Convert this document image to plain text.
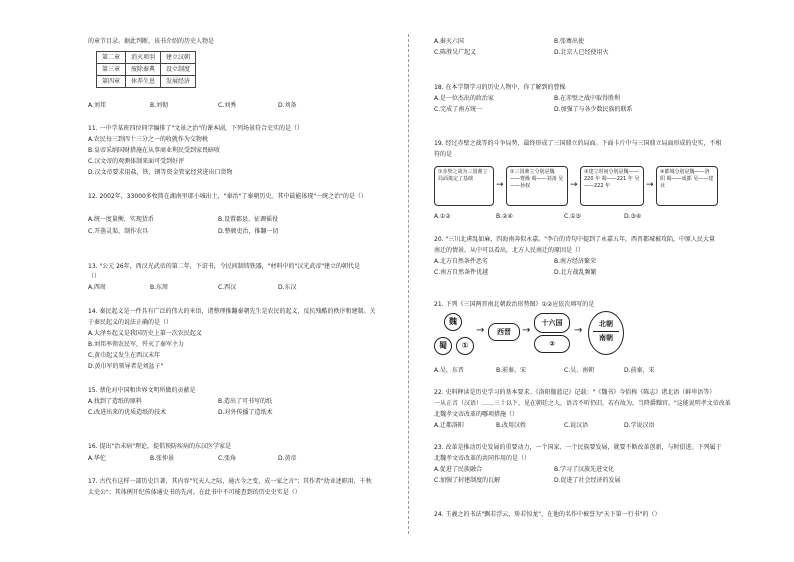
的章节目录。据此判断，该书介绍的历史人物是
第二章	消灭项羽	建立汉朝
第三章	废除秦典	设立制度
第四章	休养生息	发展经济
A.刘邦	B.刘彻	C.刘秀	D.刘备
11. 一中学某班四位同学编排了"文景之治"的课本剧，下列场景符合史实的是（）
A.农民每三到四十三分之一的收就作为交物税
B.皇帝采纳国财措施在从事商业利民受到家畏暗收
C.汉文帝的观测体制来面可受到好评
D.汉文帝要求用盐，铁、钢等资金管家经营进出口货物
12. 2002年，33000多枚简在湖南里耶小城出土，"秦治"了秦朝历史。其中最能体现"一统之治"的是（）
A.统一度量衡，实现货币	B.设置郡县、征调徭役
C.开凿灵渠，制作农具	D.整顿吏治，推翻一切
13. "公元 26年，西汉光武帝的第二年，下诏书，令民间制铸铁器，"材料中的"汉光武帝"建立的朝代是
（）
A.西周	B.东周	C.西汉	D.东汉
14. 秦民起义是一件具有广泛的伟大的米语，诸整理推翻秦朝先生是农民的起义，反抗残酷的秩序和建制。关
于秦民起义的说法正确的是（）
A.大泽乡起义是我国历史上第一次农民起义
B.刘邦率领农民军，歼灭了秦军主力
C.黄巾起义发生在西汉末年
D.黄巾军的领导者是刘盆子"
15. 蔡伦对中国和世界文明所做的贡献是
A.找到了造纸的原料	B.造出了可书写的纸
C.改进出来的优质造纸的技术	D.对外传播了造纸术
16. 提出"治未病"理论，提倡预防疾病的东汉医学家是
A.华佗	B.张仲景	C.张角	D.黄帝
17. 古代有这样一部历史巨著，其内容"究天人之际，通古今之变，成一家之言"；其作者"幼业述职用，千秋
太史公"；其体例开纪传体通史书的先河。在此书中不可能查到的历史史实是（）
A.秦灭六国	B.张骞出使
C.陈胜吴广起义	D.北京人已经使用火
18. 在本学期学习的历史人物中，你了解到的曹操
A.是一位杰出的政治家	B.在赤壁之战中取得胜利
C.完成了南方统一	D.加强了与各少数民族的联系
19. 经过赤壁之战等的斗争局势，最终形成了三国鼎立的局面。下面卡片中与三国鼎立局面形成的史实，不相
符的是
①赤壁之战为三国鼎立局面奠定了基础
→
②三国鼎立分别是魏——曹操 蜀——刘备 吴——孙权	→
③建立时间分别是魏——220 年 蜀——221 年 吴——222 年	→
④都城分别是魏——洛阳 蜀——成都 吴——建业
A.①②	B.②④	C.①③	D.③④
20. "三川北虏乱如麻，四海南奔似永嘉。"李白的诗句中提到了永嘉五年，西晋都城被攻陷，中原人民大量
南迁的情景。从中可以看出，北方人民南迁的原因是（）
A.北方自然条件恶劣	B.南方经济繁荣
C.南方自然条件优越	D.北方战乱频繁
21. 下列《三国两晋南北朝政治形势图》①②应依次填写的是
魏
蜀	①
→	西晋	→
十六国
②
→
北朝
南朝
A.吴、东晋	B.前秦、宋	C.吴、南朝	D.前秦、宋
22. 史料释读是历史学习的基本要求。《洛阳伽蓝记》记载："《魏书》今俗称《陈志》诸北语（鲜卑语等）
一从正音（汉语）……三十以下，见在朝廷之人，语音不听仍旧，若有故为，当降爵黜官。"这能说明孝文帝改革
北魏孝文帝改革的哪项措施（）
A.迁都洛阳	B.改用汉姓	C.说汉语	D.学说汉语
23. 改革是推动历史发展的重要动力，一个国家、一个民族要发展，就要不断改革创新，与时俱进。下列属于
北魏孝文帝改革的共同作用的是（）
A.促进了民族融合	B.学习了汉族先进文化
C.加强了封建制度的瓦解	D.促进了社会经济的发展
24. 王羲之的书法"飘若浮云，矫若惊龙"，在他的名作中被誉为"天下第一行书"的（）
